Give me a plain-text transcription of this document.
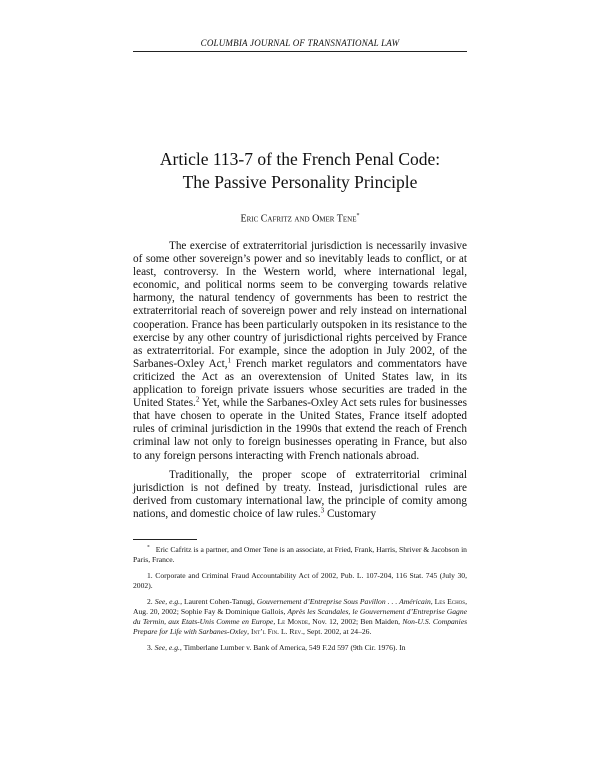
COLUMBIA JOURNAL OF TRANSNATIONAL LAW
Article 113-7 of the French Penal Code:
The Passive Personality Principle
Eric Cafritz and Omer Tene*

The exercise of extraterritorial jurisdiction is necessarily invasive of some other sovereign’s power and so inevitably leads to conflict, or at least, controversy. In the Western world, where international legal, economic, and political norms seem to be converging towards relative harmony, the natural tendency of governments has been to restrict the extraterritorial reach of sovereign power and rely instead on international cooperation. France has been particularly outspoken in its resistance to the exercise by any other country of jurisdictional rights perceived by France as extraterritorial. For example, since the adoption in July 2002, of the Sarbanes-Oxley Act,$^1$ French market regulators and commentators have criticized the Act as an overextension of United States law, in its application to foreign private issuers whose securities are traded in the United States.$^2$ Yet, while the Sarbanes-Oxley Act sets rules for businesses that have chosen to operate in the United States, France itself adopted rules of criminal jurisdiction in the 1990s that extend the reach of French criminal law not only to foreign businesses operating in France, but also to any foreign persons interacting with French nationals abroad.

Traditionally, the proper scope of extraterritorial criminal jurisdiction is not defined by treaty. Instead, jurisdictional rules are derived from customary international law, the principle of comity among nations, and domestic choice of law rules.$^3$ Customary

* Eric Cafritz is a partner, and Omer Tene is an associate, at Fried, Frank, Harris, Shriver & Jacobson in Paris, France.

1. Corporate and Criminal Fraud Accountability Act of 2002, Pub. L. 107-204, 116 Stat. 745 (July 30, 2002).

2. See, e.g., Laurent Cohen-Tanugi, Gouvernement d’Entreprise Sous Pavillon . . . Américain, Les Echos, Aug. 20, 2002; Sophie Fay & Dominique Gallois, Après les Scandales, le Gouvernement d’Entreprise Gagne du Termin, aux Etats-Unis Comme en Europe, Le Monde, Nov. 12, 2002; Ben Maiden, Non-U.S. Companies Prepare for Life with Sarbanes-Oxley, Int’l Fin. L. Rev., Sept. 2002, at 24–26.

3. See, e.g., Timberlane Lumber v. Bank of America, 549 F.2d 597 (9th Cir. 1976). In
